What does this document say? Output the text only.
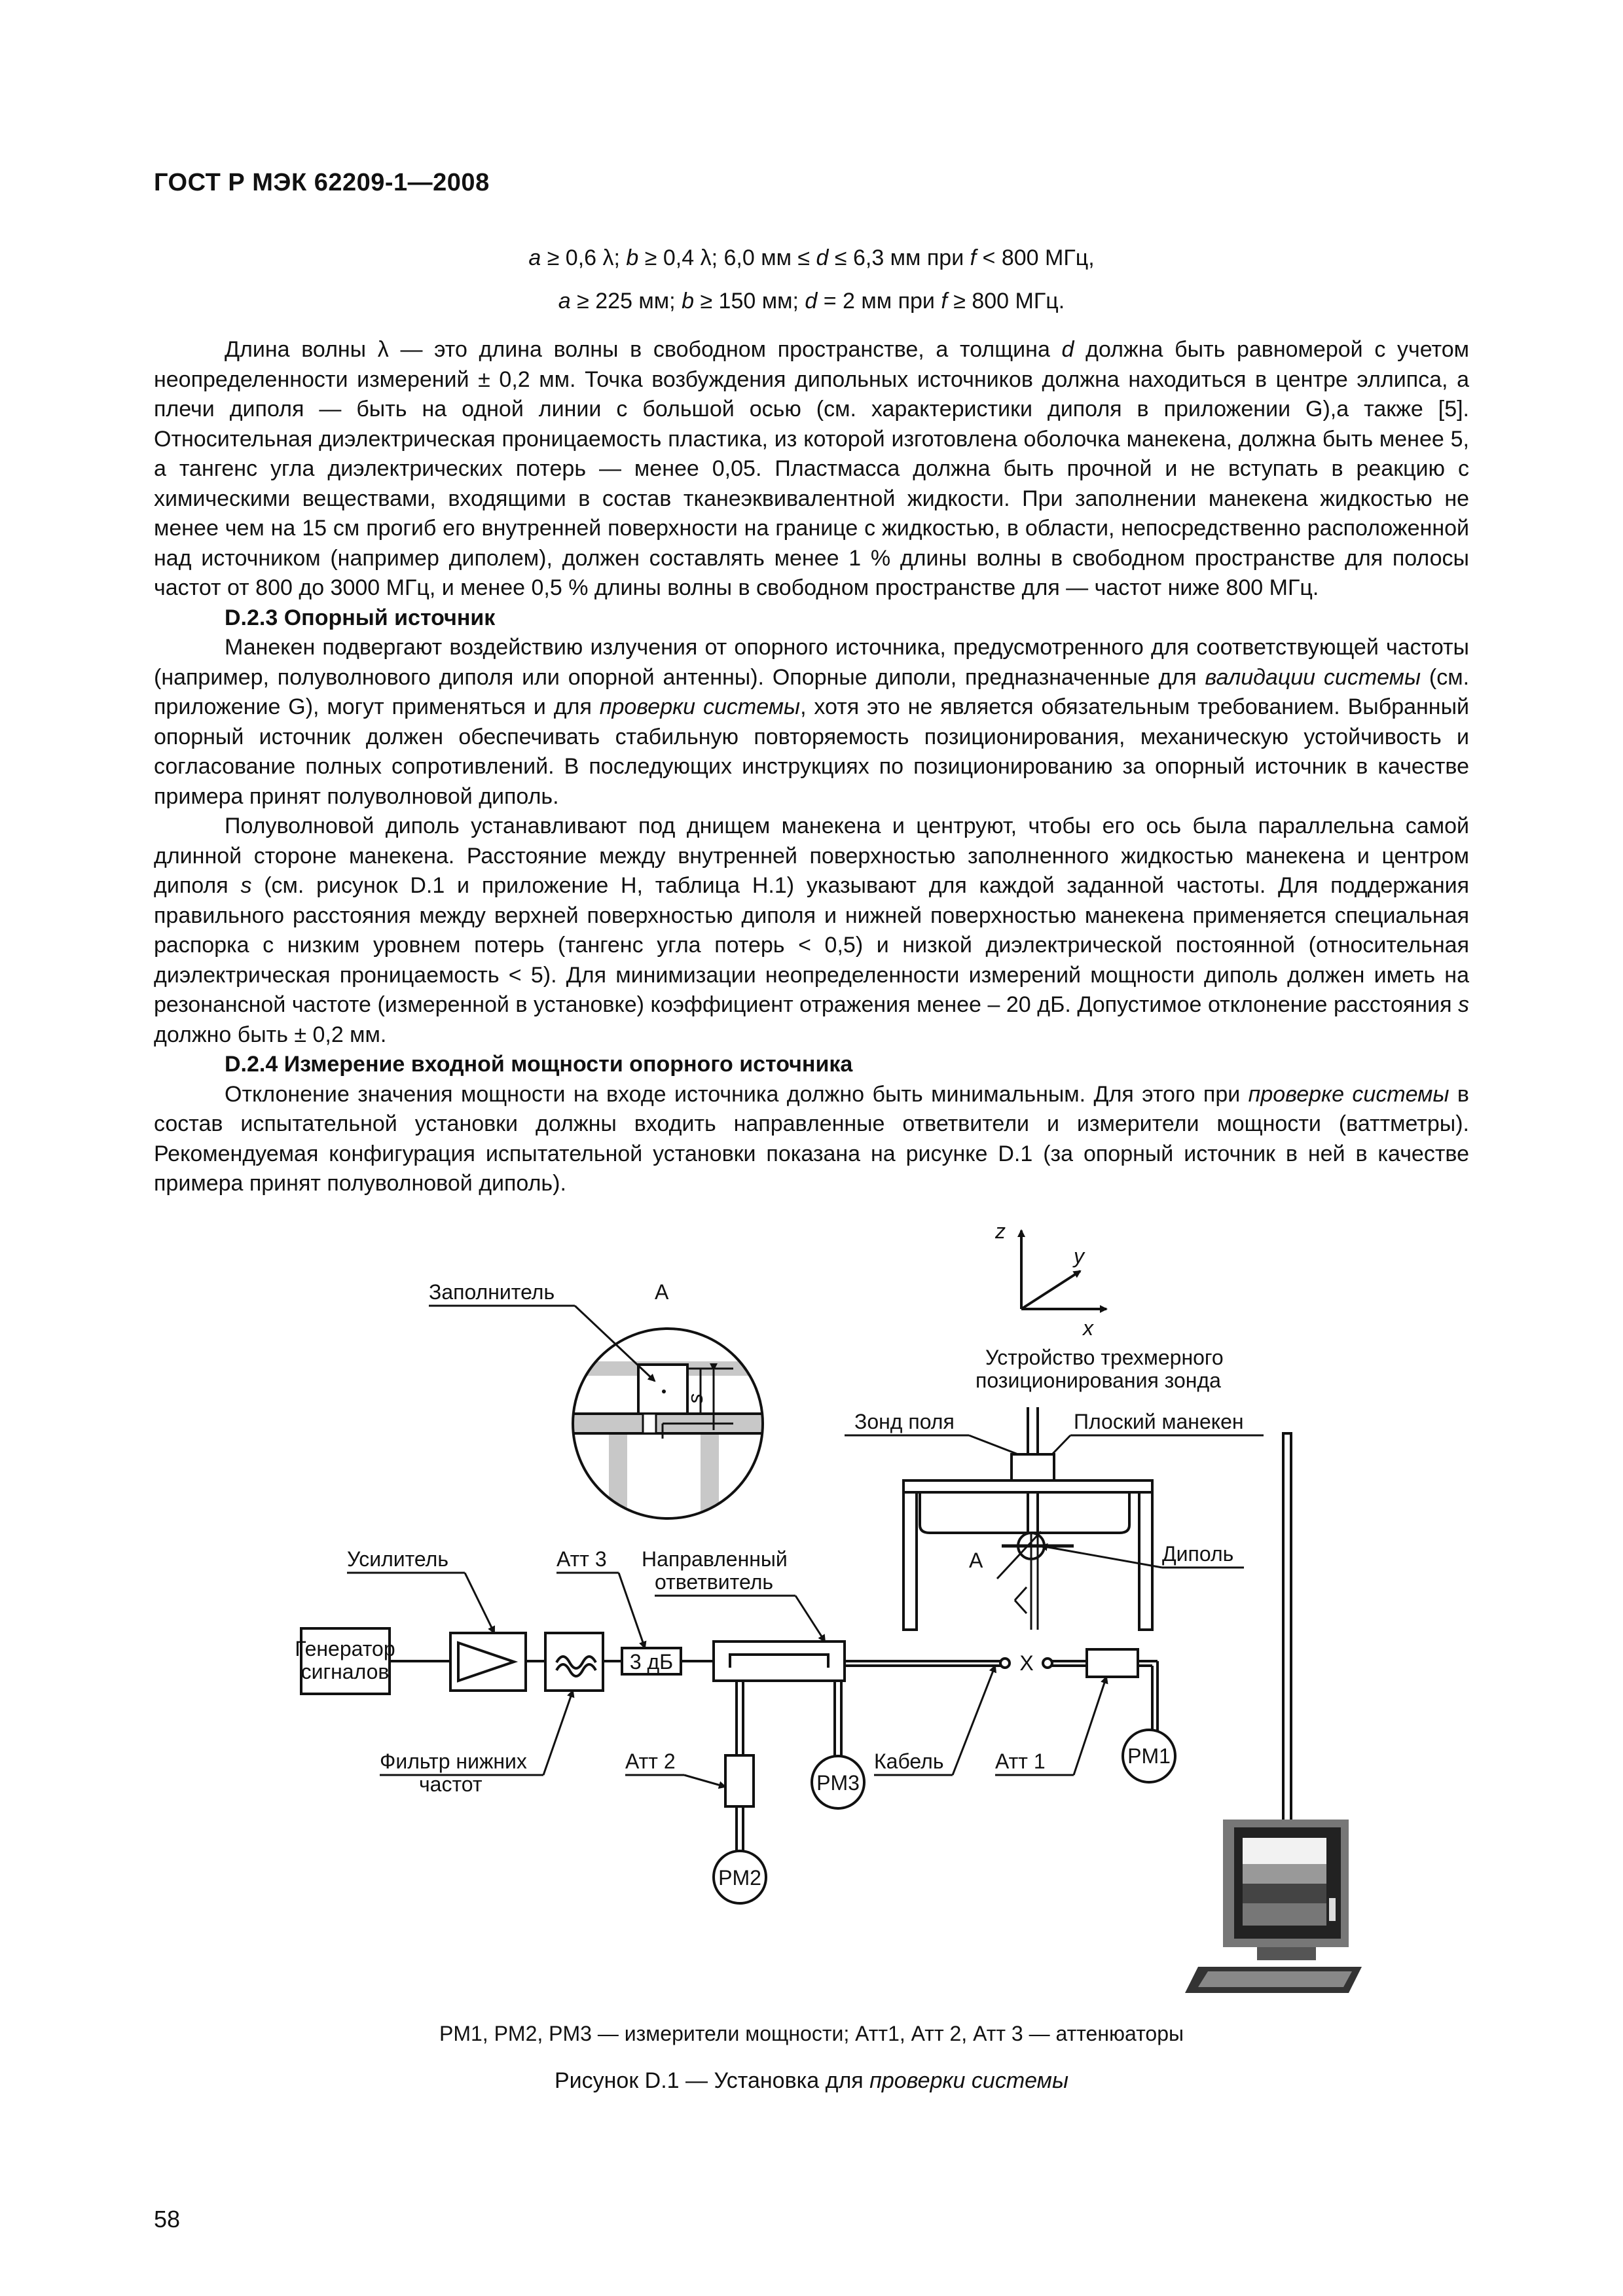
ГОСТ Р МЭК 62209-1—2008
a ≥ 0,6 λ; b ≥ 0,4 λ; 6,0 мм ≤ d ≤ 6,3 мм при f < 800 МГц,
a ≥ 225 мм; b ≥ 150 мм; d = 2 мм при f ≥ 800 МГц.

Длина волны λ — это длина волны в свободном пространстве, а толщина d должна быть равномерой с учетом неопределенности измерений ± 0,2 мм. Точка возбуждения дипольных источников должна находиться в центре эллипса, а плечи диполя — быть на одной линии с большой осью (см. характеристики диполя в приложении G),а также [5]. Относительная диэлектрическая проницаемость пластика, из которой изготовлена оболочка манекена, должна быть менее 5, а тангенс угла диэлектрических потерь — менее 0,05. Пластмасса должна быть прочной и не вступать в реакцию с химическими веществами, входящими в состав тканеэквивалентной жидкости. При заполнении манекена жидкостью не менее чем на 15 см прогиб его внутренней поверхности на границе с жидкостью, в области, непосредственно расположенной над источником (например диполем), должен составлять менее 1 % длины волны в свободном пространстве для полосы частот от 800 до 3000 МГц, и менее 0,5 % длины волны в свободном пространстве для — частот ниже 800 МГц.

D.2.3 Опорный источник

Манекен подвергают воздействию излучения от опорного источника, предусмотренного для соответствующей частоты (например, полуволнового диполя или опорной антенны). Опорные диполи, предназначенные для валидации системы (см. приложение G), могут применяться и для проверки системы, хотя это не является обязательным требованием. Выбранный опорный источник должен обеспечивать стабильную повторяемость позиционирования, механическую устойчивость и согласование полных сопротивлений. В последующих инструкциях по позиционированию за опорный источник в качестве примера принят полуволновой диполь.

Полуволновой диполь устанавливают под днищем манекена и центруют, чтобы его ось была параллельна самой длинной стороне манекена. Расстояние между внутренней поверхностью заполненного жидкостью манекена и центром диполя s (см. рисунок D.1 и приложение Н, таблица Н.1) указывают для каждой заданной частоты. Для поддержания правильного расстояния между верхней поверхностью диполя и нижней поверхностью манекена применяется специальная распорка с низким уровнем потерь (тангенс угла потерь < 0,5) и низкой диэлектрической постоянной (относительная диэлектрическая проницаемость < 5). Для минимизации неопределенности измерений мощности диполь должен иметь на резонансной частоте (измеренной в установке) коэффициент отражения менее – 20 дБ. Допустимое отклонение расстояния s должно быть ± 0,2 мм.

D.2.4 Измерение входной мощности опорного источника

Отклонение значения мощности на входе источника должно быть минимальным. Для этого при проверке системы в состав испытательной установки должны входить направленные ответвители и измерители мощности (ваттметры). Рекомендуемая конфигурация испытательной установки показана на рисунке D.1 (за опорный источник в ней в качестве примера принят полуволновой диполь).

z
y
x
s
Заполнитель	A
Устройство трехмерного
позиционирования зонда
Зонд поля	Плоский манекен
A	Диполь
Генератор
сигналов	3 дБ	X
PM1
PM2
PM3
Усилитель	Атт 3 Направленный
ответвитель
Фильтр нижних
частот
Атт 2	Кабель Атт 1
PM1, PM2, PM3 — измерители мощности; Атт1, Атт 2, Атт 3 — аттенюаторы
Рисунок D.1 — Установка для проверки системы
58
